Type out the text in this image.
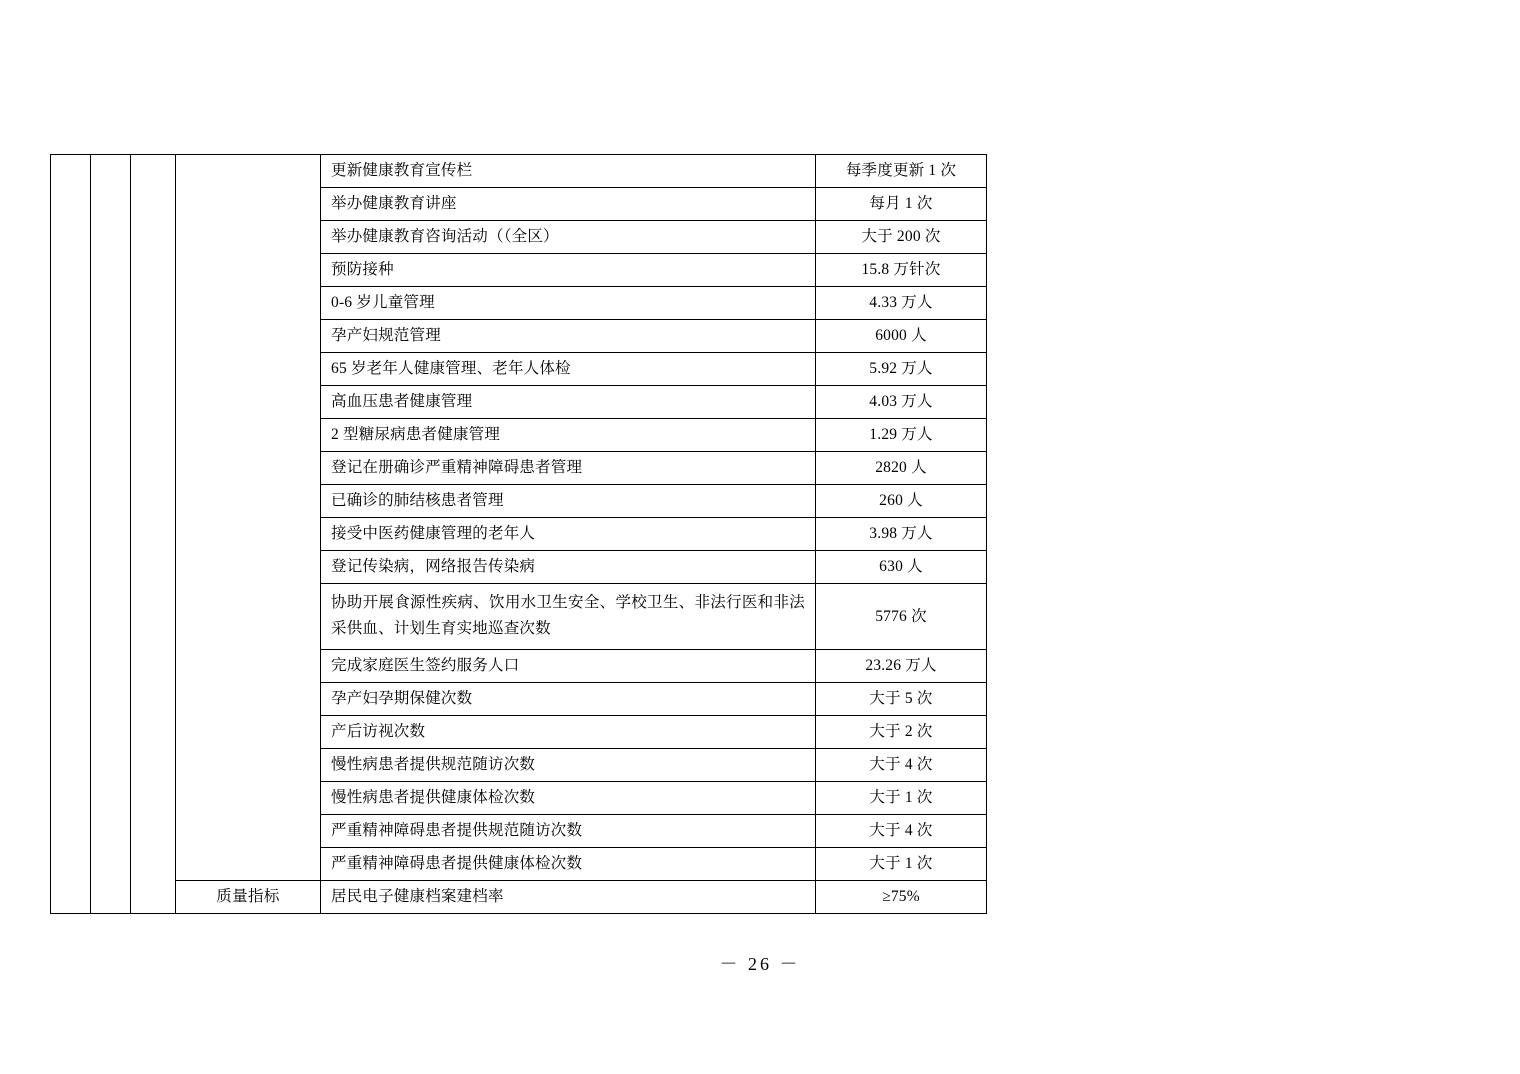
				更新健康教育宣传栏	每季度更新 1 次
				举办健康教育讲座	每月 1 次
				举办健康教育咨询活动（（全区）	大于 200 次
				预防接种	15.8 万针次
				0-6 岁儿童管理	4.33 万人
				孕产妇规范管理	6000 人
				65 岁老年人健康管理、老年人体检	5.92 万人
				高血压患者健康管理	4.03 万人
				2 型糖尿病患者健康管理	1.29 万人
				登记在册确诊严重精神障碍患者管理	2820 人
				已确诊的肺结核患者管理	260 人
				接受中医药健康管理的老年人	3.98 万人
				登记传染病，网络报告传染病	630 人
				协助开展食源性疾病、饮用水卫生安全、学校卫生、非法行医和非法采供血、计划生育实地巡查次数	5776 次
				完成家庭医生签约服务人口	23.26 万人
				孕产妇孕期保健次数	大于 5 次
				产后访视次数	大于 2 次
				慢性病患者提供规范随访次数	大于 4 次
				慢性病患者提供健康体检次数	大于 1 次
				严重精神障碍患者提供规范随访次数	大于 4 次
				严重精神障碍患者提供健康体检次数	大于 1 次
			质量指标	居民电子健康档案建档率	≥75%
－ 26 －
